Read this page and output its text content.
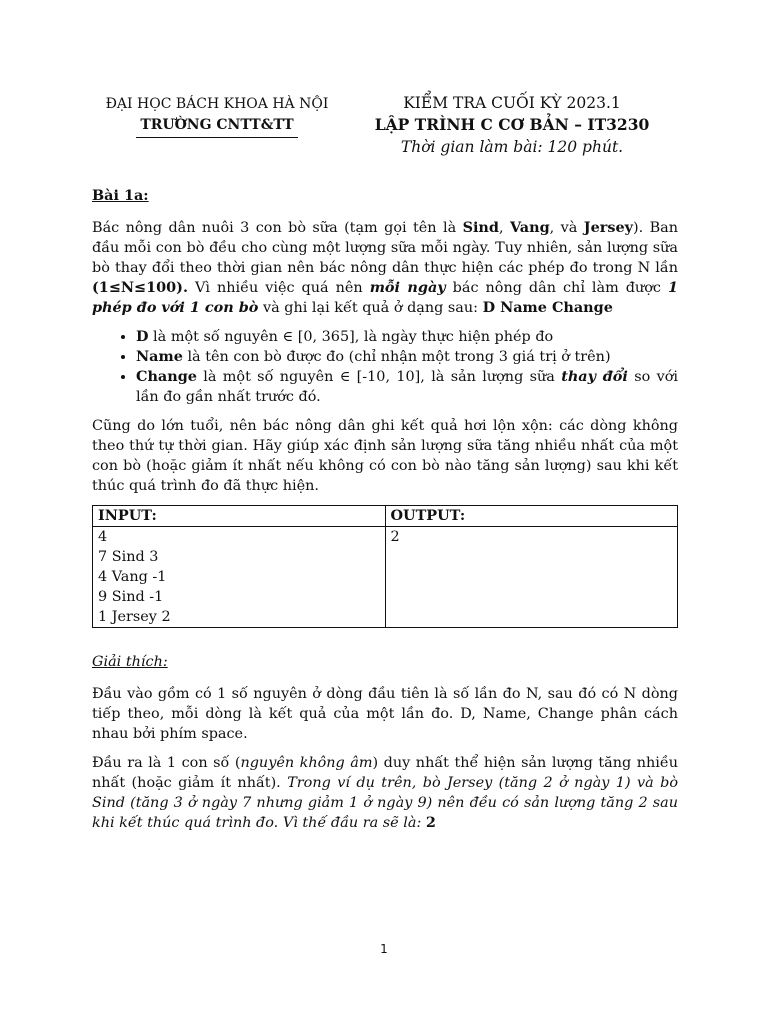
ĐẠI HỌC BÁCH KHOA HÀ NỘI
TRƯỜNG CNTT&TT
KIỂM TRA CUỐI KỲ 2023.1
LẬP TRÌNH C CƠ BẢN – IT3230
Thời gian làm bài: 120 phút.
Bài 1a:

Bác nông dân nuôi 3 con bò sữa (tạm gọi tên là Sind, Vang, và Jersey). Ban đầu mỗi con bò đều cho cùng một lượng sữa mỗi ngày. Tuy nhiên, sản lượng sữa bò thay đổi theo thời gian nên bác nông dân thực hiện các phép đo trong N lần (1≤N≤100). Vì nhiều việc quá nên mỗi ngày bác nông dân chỉ làm được 1 phép đo với 1 con bò và ghi lại kết quả ở dạng sau: D Name Change

• D là một số nguyên ∈ [0, 365], là ngày thực hiện phép đo
• Name là tên con bò được đo (chỉ nhận một trong 3 giá trị ở trên)
• Change là một số nguyên ∈ [-10, 10], là sản lượng sữa thay đổi so với lần đo gần nhất trước đó.

Cũng do lớn tuổi, nên bác nông dân ghi kết quả hơi lộn xộn: các dòng không theo thứ tự thời gian. Hãy giúp xác định sản lượng sữa tăng nhiều nhất của một con bò (hoặc giảm ít nhất nếu không có con bò nào tăng sản lượng) sau khi kết thúc quá trình đo đã thực hiện.

INPUT:	OUTPUT:

4
7 Sind 3
4 Vang -1
9 Sind -1
1 Jersey 2	2
Giải thích:

Đầu vào gồm có 1 số nguyên ở dòng đầu tiên là số lần đo N, sau đó có N dòng tiếp theo, mỗi dòng là kết quả của một lần đo. D, Name, Change phân cách nhau bởi phím space.

Đầu ra là 1 con số (nguyên không âm) duy nhất thể hiện sản lượng tăng nhiều nhất (hoặc giảm ít nhất). Trong ví dụ trên, bò Jersey (tăng 2 ở ngày 1) và bò Sind (tăng 3 ở ngày 7 nhưng giảm 1 ở ngày 9) nên đều có sản lượng tăng 2 sau khi kết thúc quá trình đo. Vì thế đầu ra sẽ là: 2

1
